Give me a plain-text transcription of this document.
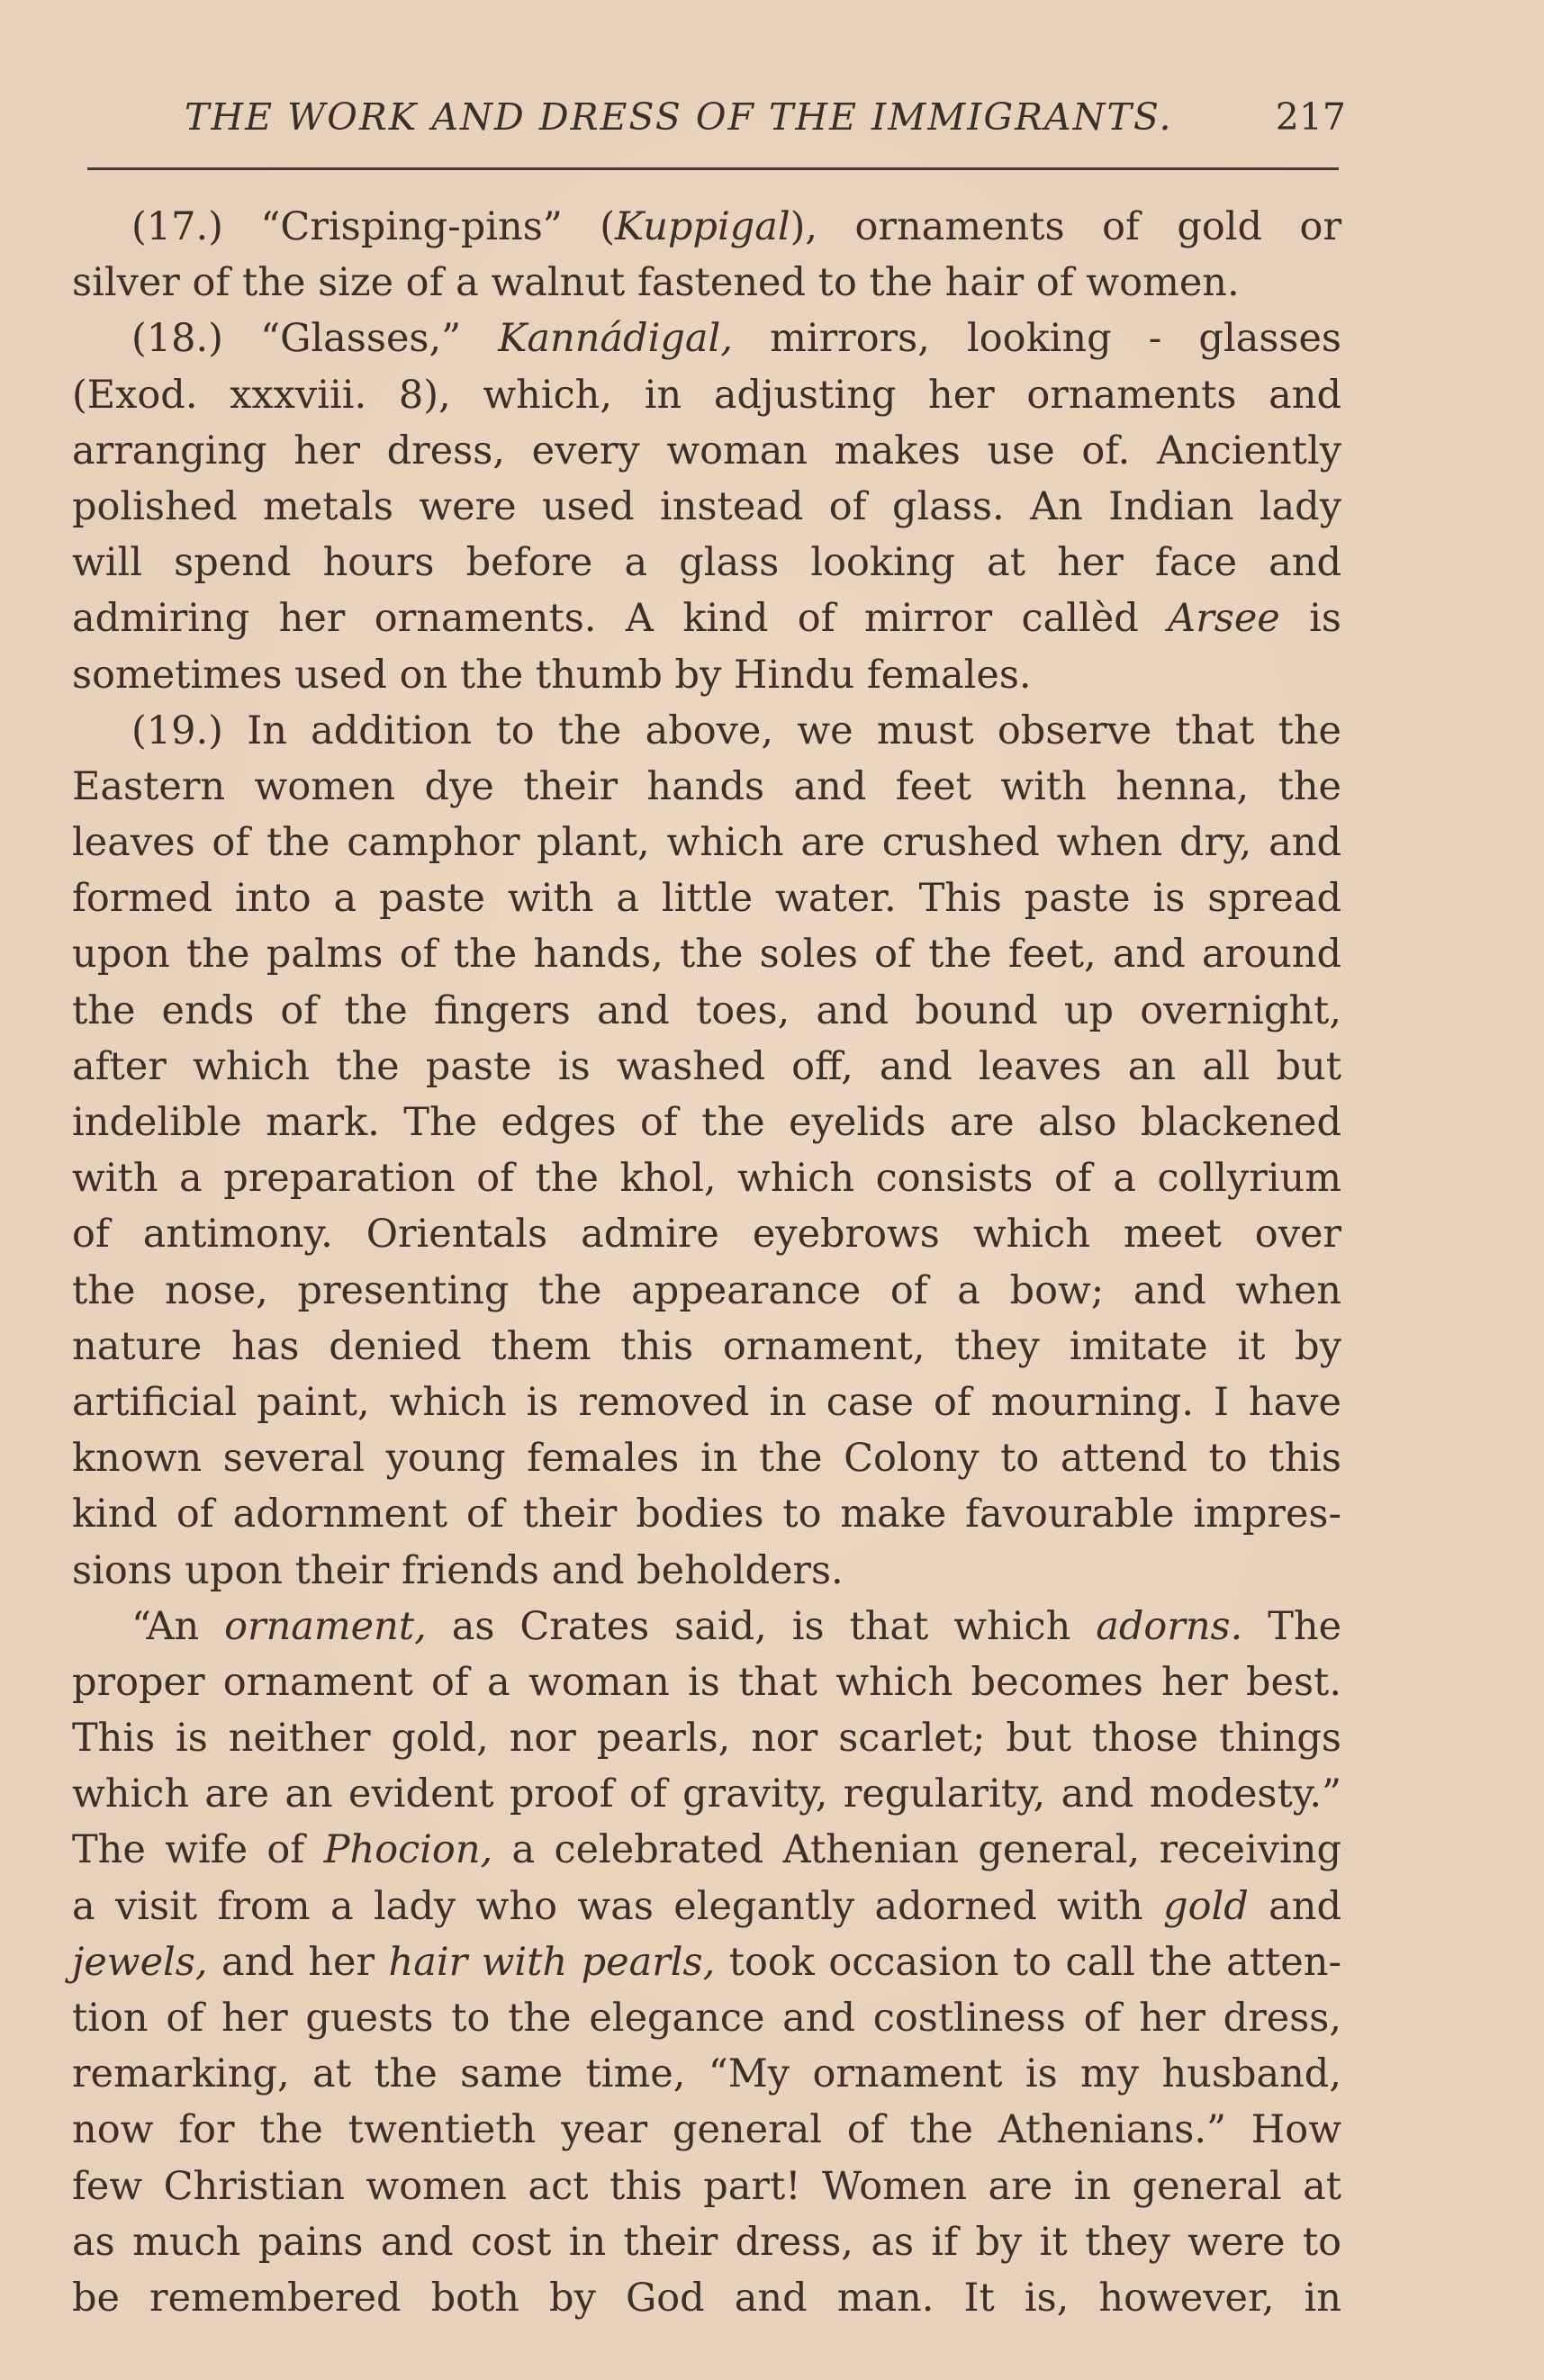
THE WORK AND DRESS OF THE IMMIGRANTS.	217

(17.) “Crisping-pins” (Kuppigal), ornaments of gold or
silver of the size of a walnut fastened to the hair of women.

(18.) “Glasses,” Kannádigal, mirrors, looking - glasses
(Exod. xxxviii. 8), which, in adjusting her ornaments and
arranging her dress, every woman makes use of. Anciently
polished metals were used instead of glass. An Indian lady
will spend hours before a glass looking at her face and
admiring her ornaments. A kind of mirror callèd Arsee is
sometimes used on the thumb by Hindu females.

(19.) In addition to the above, we must observe that the
Eastern women dye their hands and feet with henna, the
leaves of the camphor plant, which are crushed when dry, and
formed into a paste with a little water. This paste is spread
upon the palms of the hands, the soles of the feet, and around
the ends of the fingers and toes, and bound up overnight,
after which the paste is washed off, and leaves an all but
indelible mark. The edges of the eyelids are also blackened
with a preparation of the khol, which consists of a collyrium
of antimony. Orientals admire eyebrows which meet over
the nose, presenting the appearance of a bow; and when
nature has denied them this ornament, they imitate it by
artificial paint, which is removed in case of mourning. I have
known several young females in the Colony to attend to this
kind of adornment of their bodies to make favourable impres-
sions upon their friends and beholders.

“An ornament, as Crates said, is that which adorns. The
proper ornament of a woman is that which becomes her best.
This is neither gold, nor pearls, nor scarlet; but those things
which are an evident proof of gravity, regularity, and modesty.”
The wife of Phocion, a celebrated Athenian general, receiving
a visit from a lady who was elegantly adorned with gold and
jewels, and her hair with pearls, took occasion to call the atten-
tion of her guests to the elegance and costliness of her dress,
remarking, at the same time, “My ornament is my husband,
now for the twentieth year general of the Athenians.” How
few Christian women act this part! Women are in general at
as much pains and cost in their dress, as if by it they were to
be remembered both by God and man. It is, however, in
